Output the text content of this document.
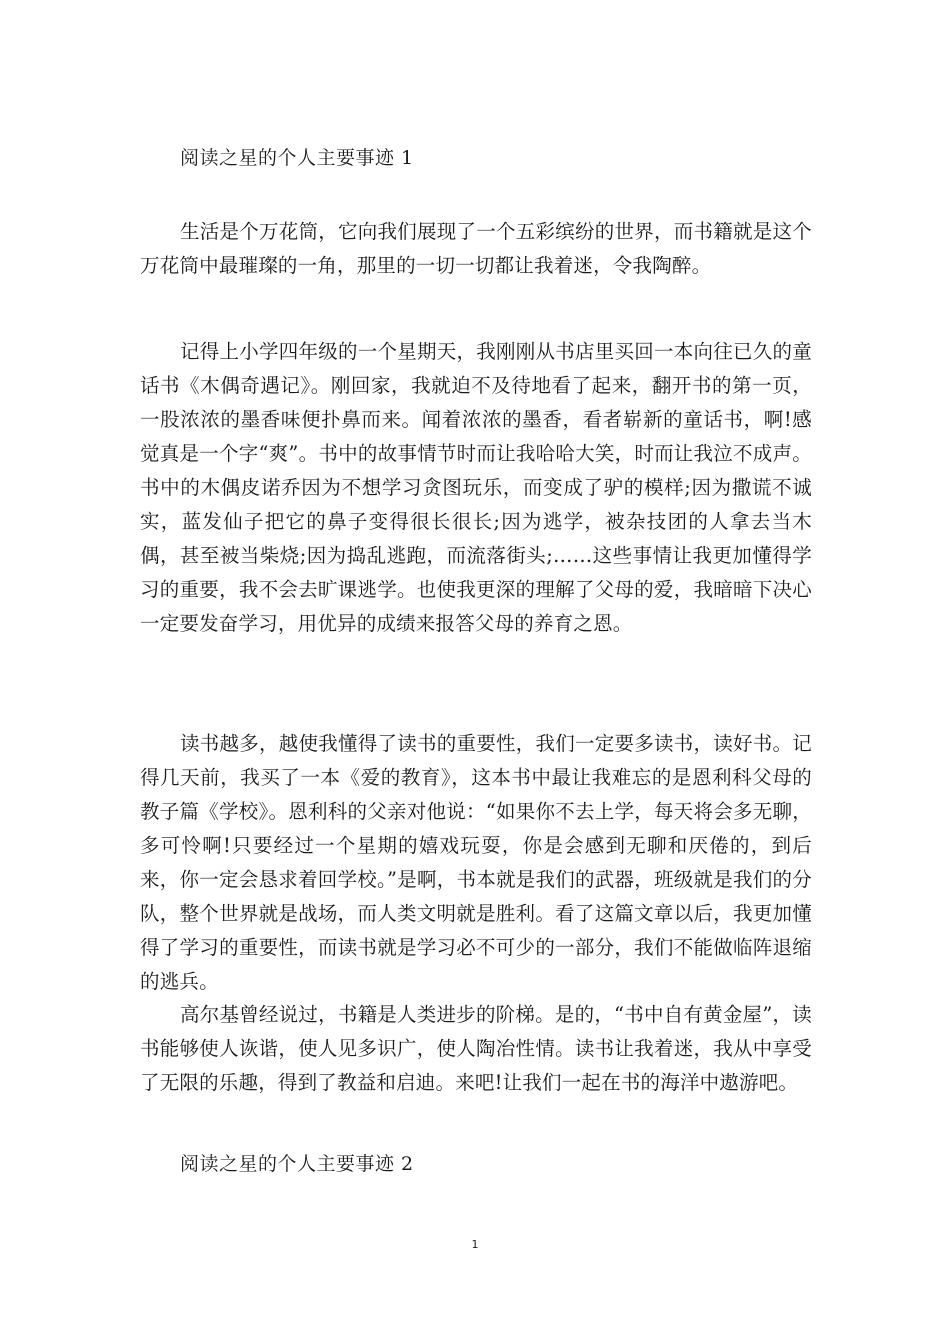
阅读之星的个人主要事迹 1

生活是个万花筒，它向我们展现了一个五彩缤纷的世界，而书籍就是这个万花筒中最璀璨的一角，那里的一切一切都让我着迷，令我陶醉。

记得上小学四年级的一个星期天，我刚刚从书店里买回一本向往已久的童话书《木偶奇遇记》。刚回家，我就迫不及待地看了起来，翻开书的第一页，一股浓浓的墨香味便扑鼻而来。闻着浓浓的墨香，看者崭新的童话书，啊!感觉真是一个字“爽”。书中的故事情节时而让我哈哈大笑，时而让我泣不成声。书中的木偶皮诺乔因为不想学习贪图玩乐，而变成了驴的模样;因为撒谎不诚实，蓝发仙子把它的鼻子变得很长很长;因为逃学，被杂技团的人拿去当木偶，甚至被当柴烧;因为捣乱逃跑，而流落街头;……这些事情让我更加懂得学习的重要，我不会去旷课逃学。也使我更深的理解了父母的爱，我暗暗下决心一定要发奋学习，用优异的成绩来报答父母的养育之恩。

读书越多，越使我懂得了读书的重要性，我们一定要多读书，读好书。记得几天前，我买了一本《爱的教育》，这本书中最让我难忘的是恩利科父母的教子篇《学校》。恩利科的父亲对他说：“如果你不去上学，每天将会多无聊，多可怜啊!只要经过一个星期的嬉戏玩耍，你是会感到无聊和厌倦的，到后来，你一定会恳求着回学校。”是啊，书本就是我们的武器，班级就是我们的分队，整个世界就是战场，而人类文明就是胜利。看了这篇文章以后，我更加懂得了学习的重要性，而读书就是学习必不可少的一部分，我们不能做临阵退缩的逃兵。

高尔基曾经说过，书籍是人类进步的阶梯。是的，“书中自有黄金屋”，读书能够使人诙谐，使人见多识广，使人陶冶性情。读书让我着迷，我从中享受了无限的乐趣，得到了教益和启迪。来吧!让我们一起在书的海洋中遨游吧。

阅读之星的个人主要事迹 2
1
